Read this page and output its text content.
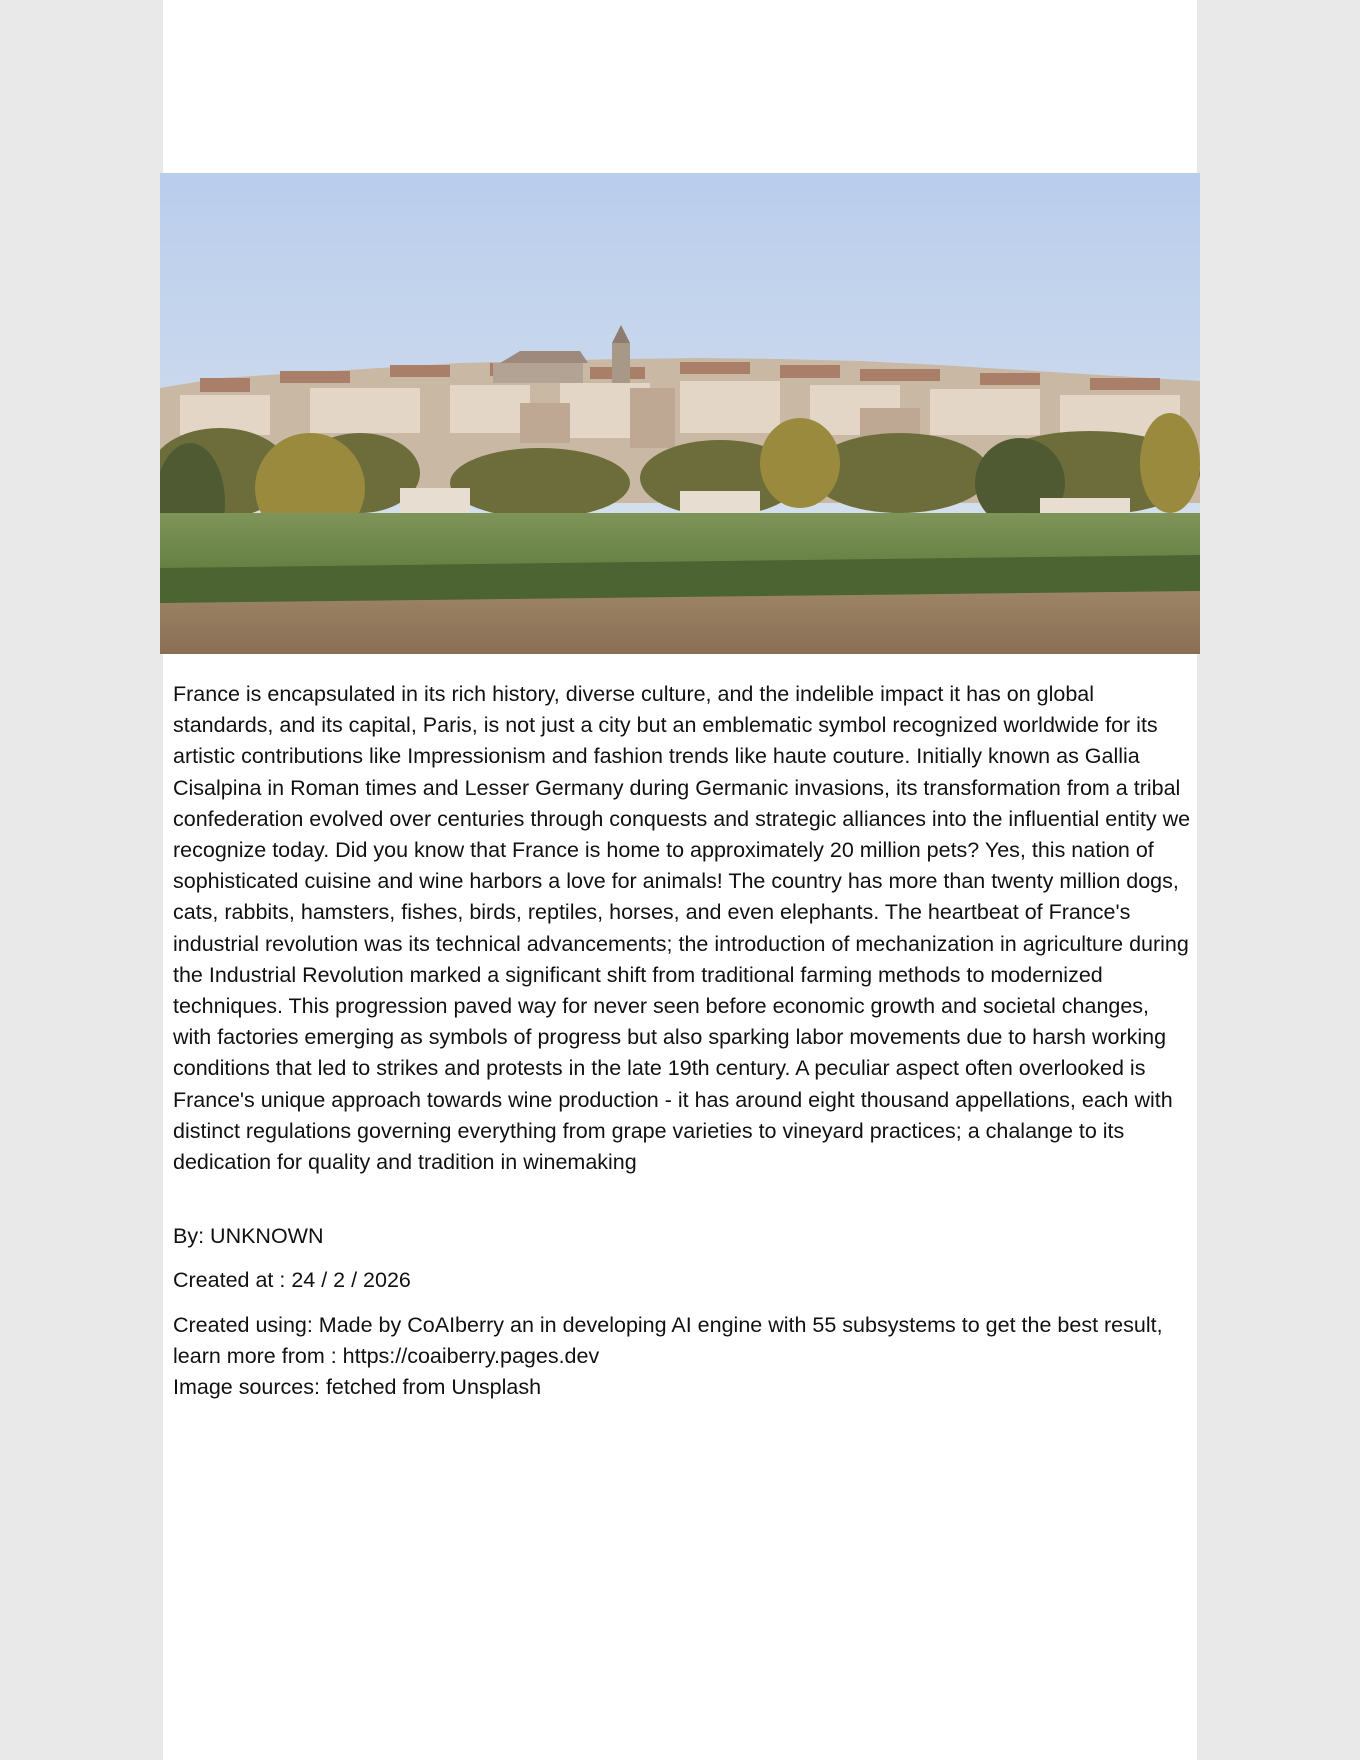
France is encapsulated in its rich history, diverse culture, and the indelible impact it has on global standards, and its capital, Paris, is not just a city but an emblematic symbol recognized worldwide for its artistic contributions like Impressionism and fashion trends like haute couture. Initially known as Gallia Cisalpina in Roman times and Lesser Germany during Germanic invasions, its transformation from a tribal confederation evolved over centuries through conquests and strategic alliances into the influential entity we recognize today. Did you know that France is home to approximately 20 million pets? Yes, this nation of sophisticated cuisine and wine harbors a love for animals! The country has more than twenty million dogs, cats, rabbits, hamsters, fishes, birds, reptiles, horses, and even elephants. The heartbeat of France's industrial revolution was its technical advancements; the introduction of mechanization in agriculture during the Industrial Revolution marked a significant shift from traditional farming methods to modernized techniques. This progression paved way for never seen before economic growth and societal changes, with factories emerging as symbols of progress but also sparking labor movements due to harsh working conditions that led to strikes and protests in the late 19th century. A peculiar aspect often overlooked is France's unique approach towards wine production - it has around eight thousand appellations, each with distinct regulations governing everything from grape varieties to vineyard practices; a chalange to its dedication for quality and tradition in winemaking

By: UNKNOWN

Created at : 24 / 2 / 2026

Created using: Made by CoAIberry an in developing AI engine with 55 subsystems to get the best result, learn more from : https://coaiberry.pages.dev

Image sources: fetched from Unsplash
